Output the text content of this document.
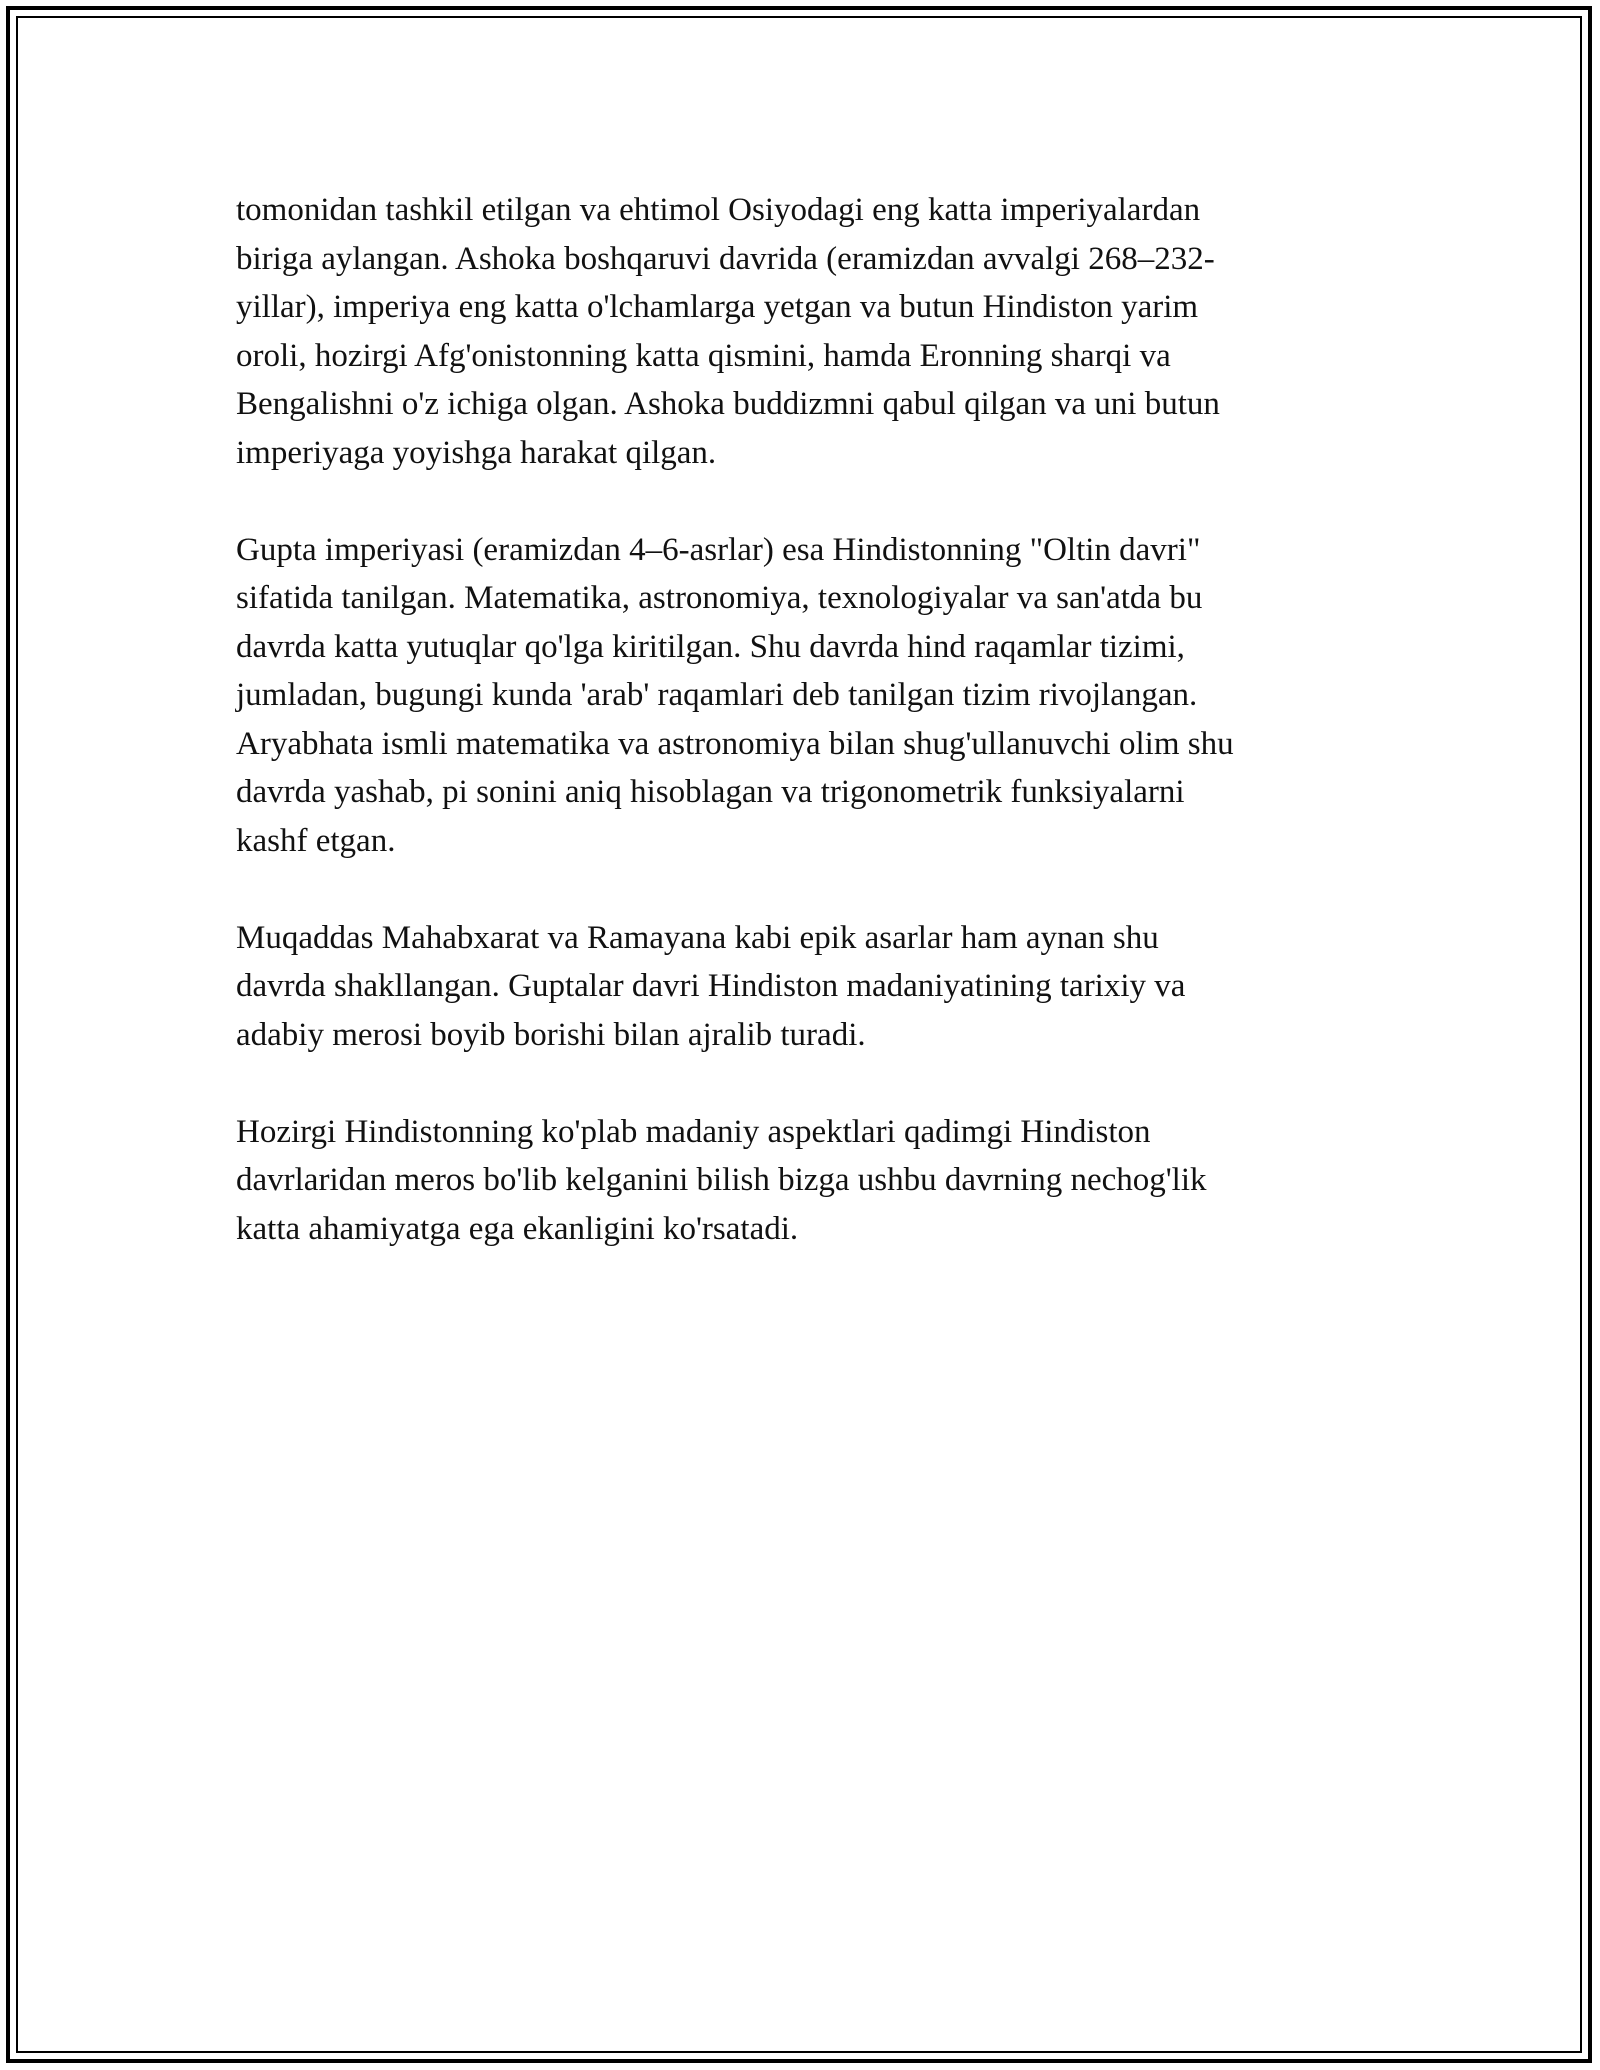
tomonidan tashkil etilgan va ehtimol Osiyodagi eng katta imperiyalardan
biriga aylangan. Ashoka boshqaruvi davrida (eramizdan avvalgi 268–232-
yillar), imperiya eng katta o'lchamlarga yetgan va butun Hindiston yarim
oroli, hozirgi Afg'onistonning katta qismini, hamda Eronning sharqi va
Bengalishni o'z ichiga olgan. Ashoka buddizmni qabul qilgan va uni butun
imperiyaga yoyishga harakat qilgan.

Gupta imperiyasi (eramizdan 4–6-asrlar) esa Hindistonning "Oltin davri"
sifatida tanilgan. Matematika, astronomiya, texnologiyalar va san'atda bu
davrda katta yutuqlar qo'lga kiritilgan. Shu davrda hind raqamlar tizimi,
jumladan, bugungi kunda 'arab' raqamlari deb tanilgan tizim rivojlangan.
Aryabhata ismli matematika va astronomiya bilan shug'ullanuvchi olim shu
davrda yashab, pi sonini aniq hisoblagan va trigonometrik funksiyalarni
kashf etgan.

Muqaddas Mahabxarat va Ramayana kabi epik asarlar ham aynan shu
davrda shakllangan. Guptalar davri Hindiston madaniyatining tarixiy va
adabiy merosi boyib borishi bilan ajralib turadi.

Hozirgi Hindistonning ko'plab madaniy aspektlari qadimgi Hindiston
davrlaridan meros bo'lib kelganini bilish bizga ushbu davrning nechog'lik
katta ahamiyatga ega ekanligini ko'rsatadi.
